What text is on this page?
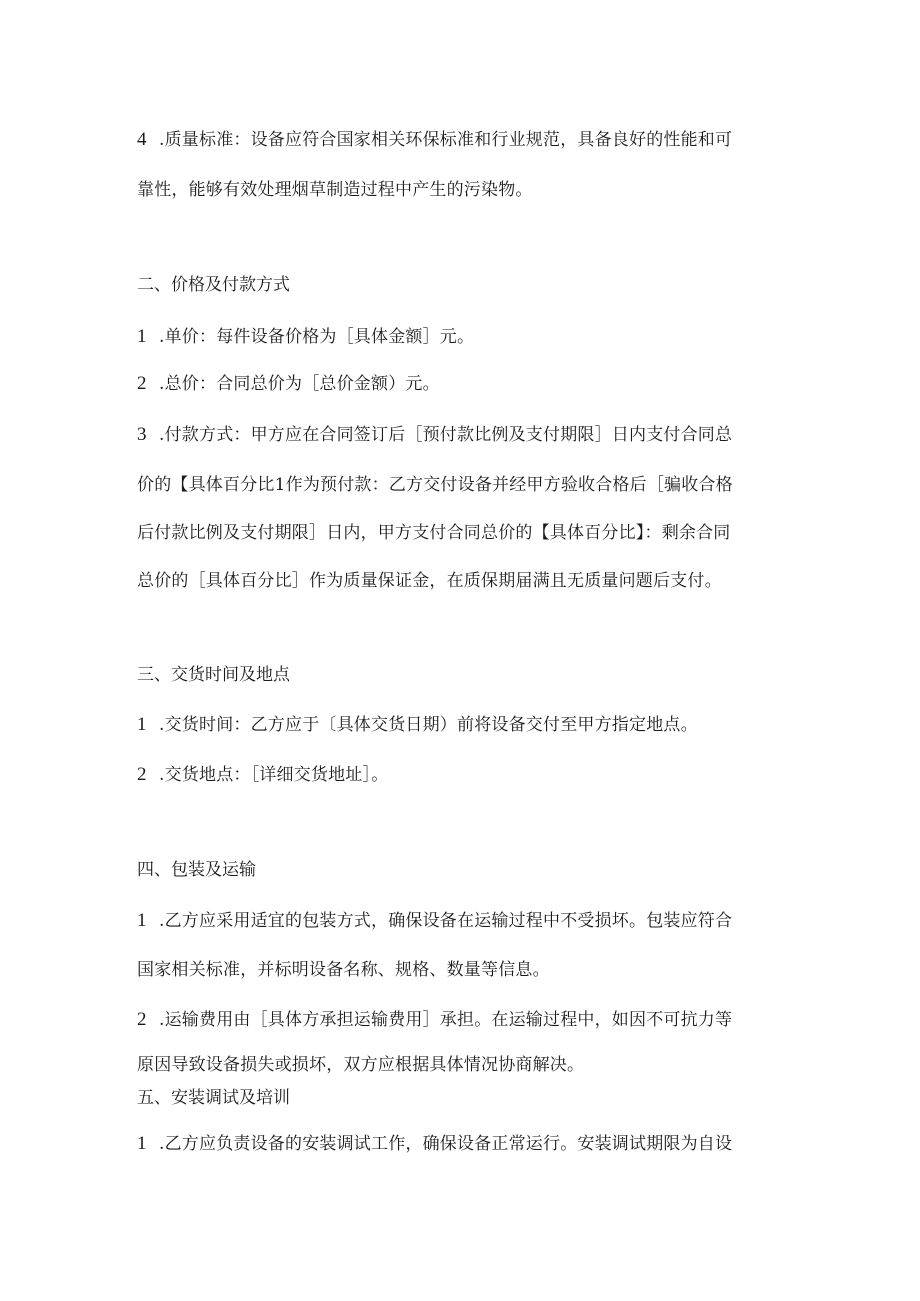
4 .质量标准：设备应符合国家相关环保标准和行业规范，具备良好的性能和可
靠性，能够有效处理烟草制造过程中产生的污染物。
二、价格及付款方式
1 .单价：每件设备价格为［具体金额］元。
2 .总价：合同总价为［总价金额）元。
3 .付款方式：甲方应在合同签订后［预付款比例及支付期限］日内支付合同总
价的【具体百分比1作为预付款：乙方交付设备并经甲方验收合格后［骗收合格
后付款比例及支付期限］日内，甲方支付合同总价的【具体百分比】：剩余合同
总价的［具体百分比］作为质量保证金，在质保期届满且无质量问题后支付。
三、交货时间及地点
1 .交货时间：乙方应于〔具体交货日期）前将设备交付至甲方指定地点。
2 .交货地点：［详细交货地址］。
四、包装及运输
1 .乙方应采用适宜的包装方式，确保设备在运输过程中不受损坏。包装应符合
国家相关标准，并标明设备名称、规格、数量等信息。
2 .运输费用由［具体方承担运输费用］承担。在运输过程中，如因不可抗力等
原因导致设备损失或损坏，双方应根据具体情况协商解决。
五、安装调试及培训
1 .乙方应负责设备的安装调试工作，确保设备正常运行。安装调试期限为自设
